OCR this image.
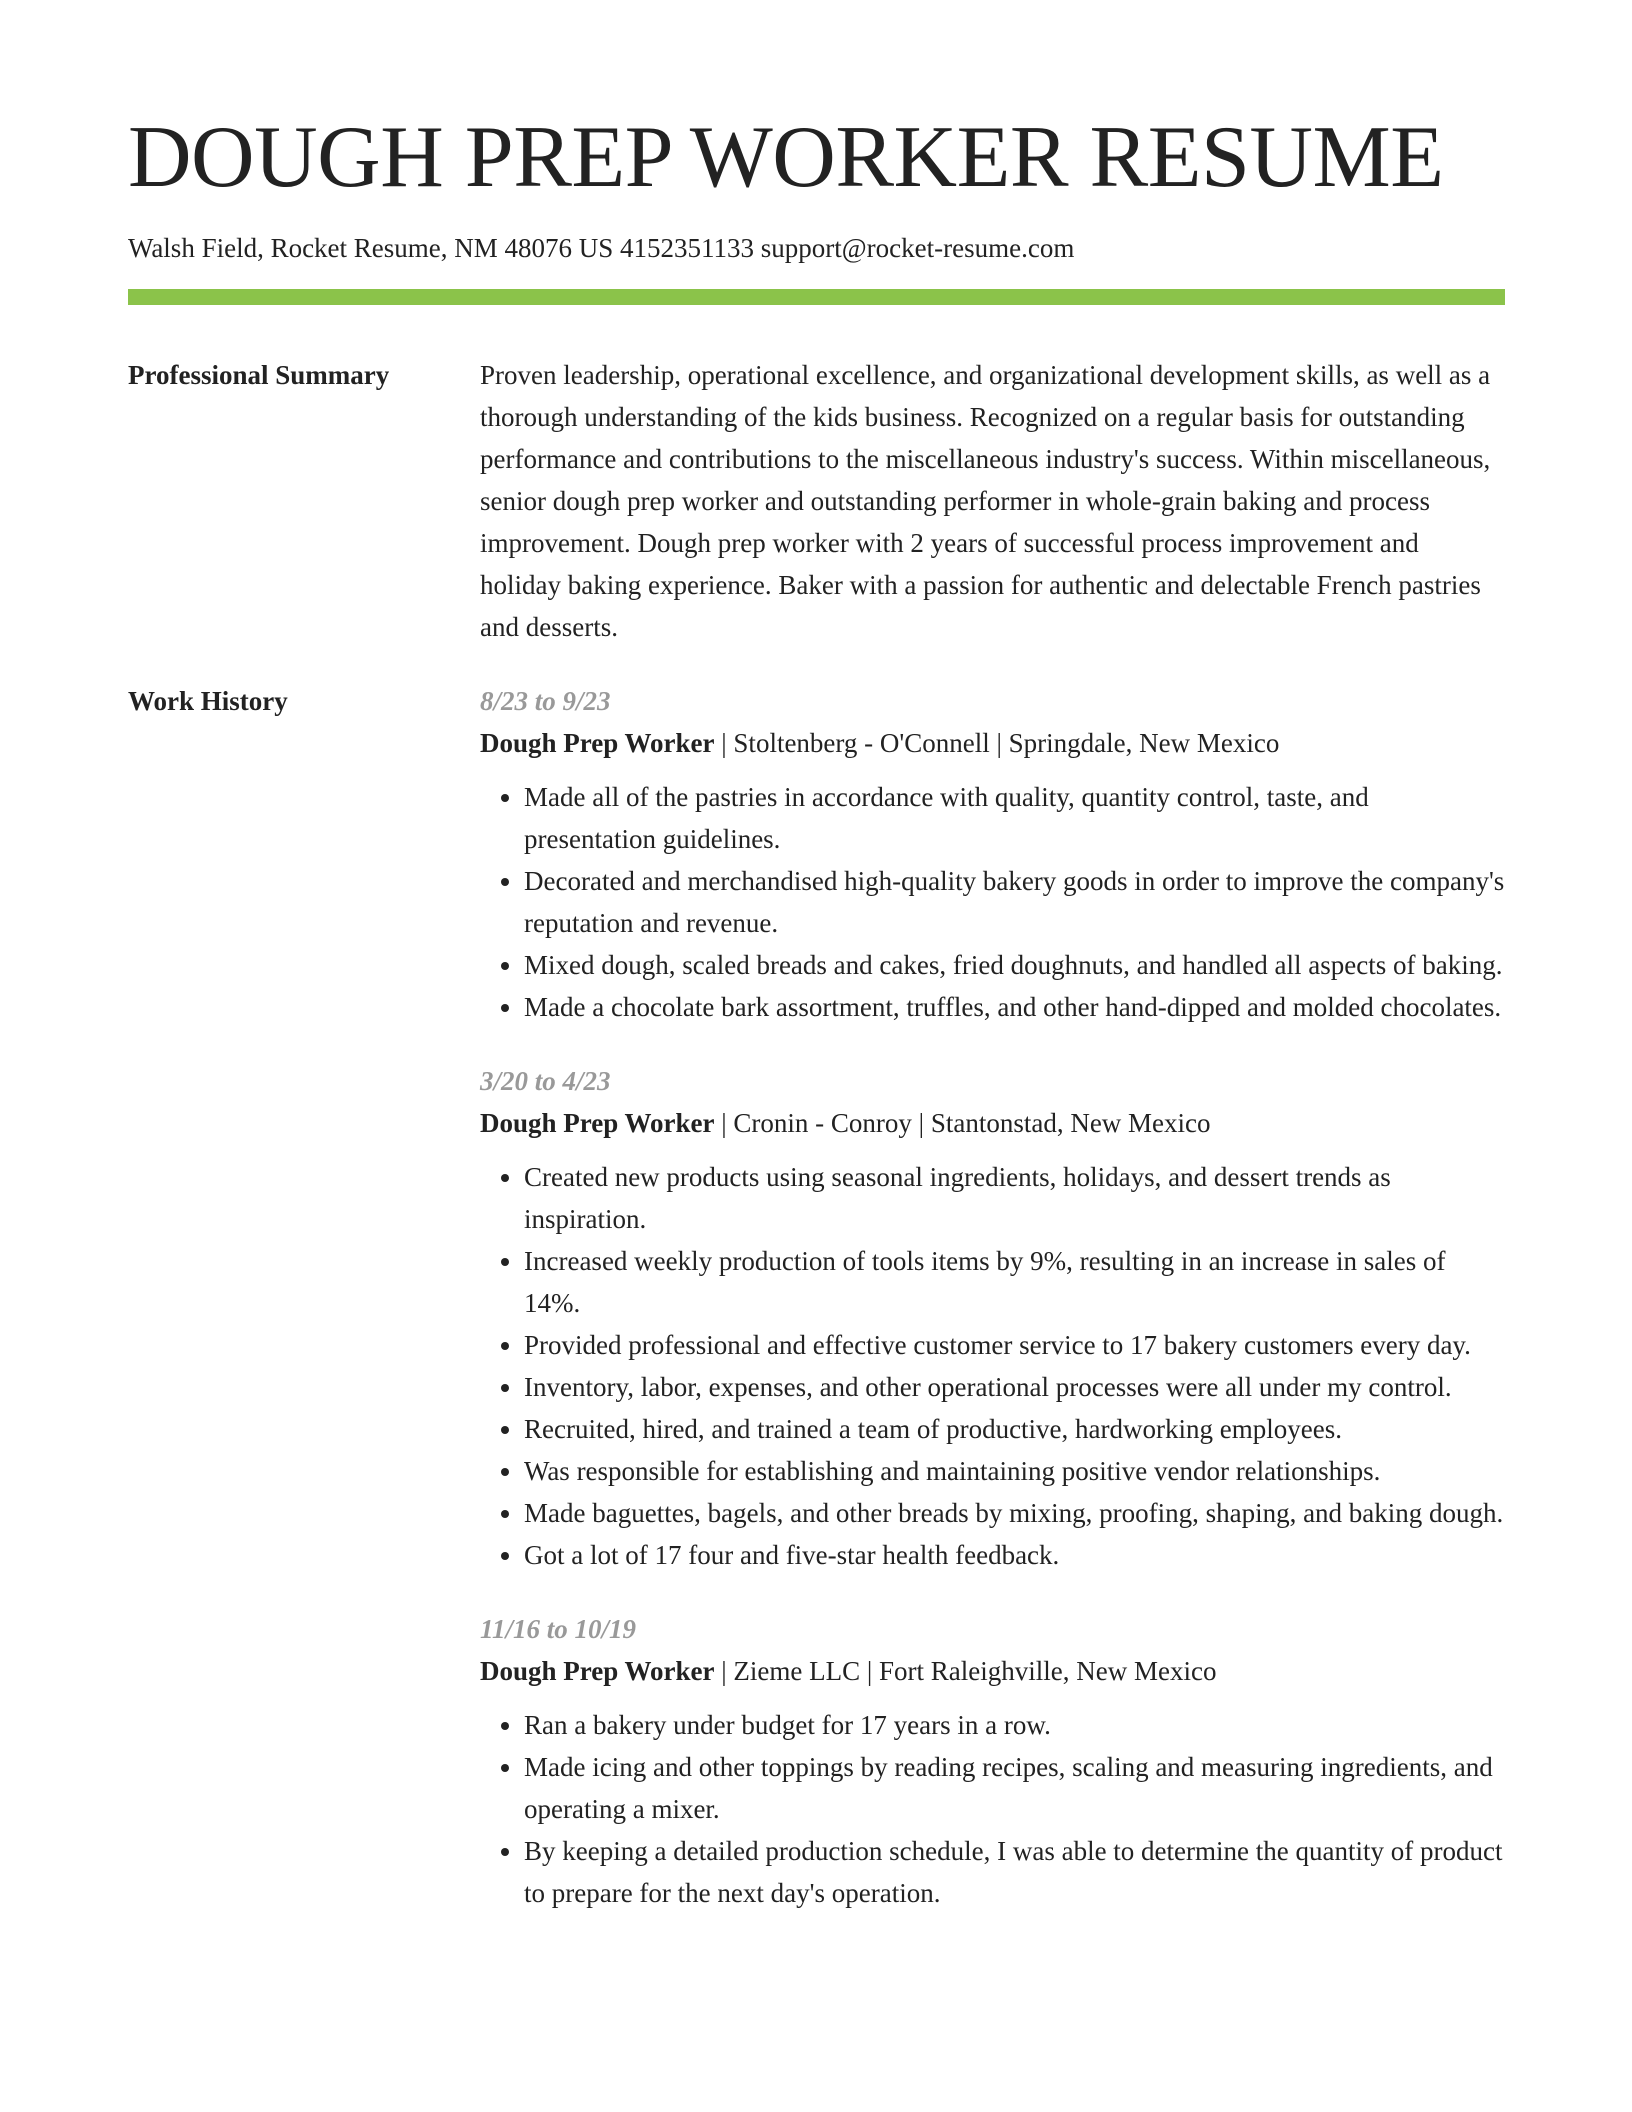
DOUGH PREP WORKER RESUME
Walsh Field, Rocket Resume, NM 48076 US 4152351133 support@rocket-resume.com
Professional Summary	Proven leadership, operational excellence, and organizational development skills, as well as a thorough understanding of the kids business. Recognized on a regular basis for outstanding performance and contributions to the miscellaneous industry's success. Within miscellaneous, senior dough prep worker and outstanding performer in whole-grain baking and process improvement. Dough prep worker with 2 years of successful process improvement and holiday baking experience. Baker with a passion for authentic and delectable French pastries and desserts.
Work History	8/23 to 9/23
Dough Prep Worker | Stoltenberg - O'Connell | Springdale, New Mexico
• Made all of the pastries in accordance with quality, quantity control, taste, and presentation guidelines.
• Decorated and merchandised high-quality bakery goods in order to improve the company's reputation and revenue.
• Mixed dough, scaled breads and cakes, fried doughnuts, and handled all aspects of baking.
• Made a chocolate bark assortment, truffles, and other hand-dipped and molded chocolates.
3/20 to 4/23
Dough Prep Worker | Cronin - Conroy | Stantonstad, New Mexico
• Created new products using seasonal ingredients, holidays, and dessert trends as inspiration.
• Increased weekly production of tools items by 9%, resulting in an increase in sales of 14%.
• Provided professional and effective customer service to 17 bakery customers every day.
• Inventory, labor, expenses, and other operational processes were all under my control.
• Recruited, hired, and trained a team of productive, hardworking employees.
• Was responsible for establishing and maintaining positive vendor relationships.
• Made baguettes, bagels, and other breads by mixing, proofing, shaping, and baking dough.
• Got a lot of 17 four and five-star health feedback.
11/16 to 10/19
Dough Prep Worker | Zieme LLC | Fort Raleighville, New Mexico
• Ran a bakery under budget for 17 years in a row.
• Made icing and other toppings by reading recipes, scaling and measuring ingredients, and operating a mixer.
• By keeping a detailed production schedule, I was able to determine the quantity of product to prepare for the next day's operation.
